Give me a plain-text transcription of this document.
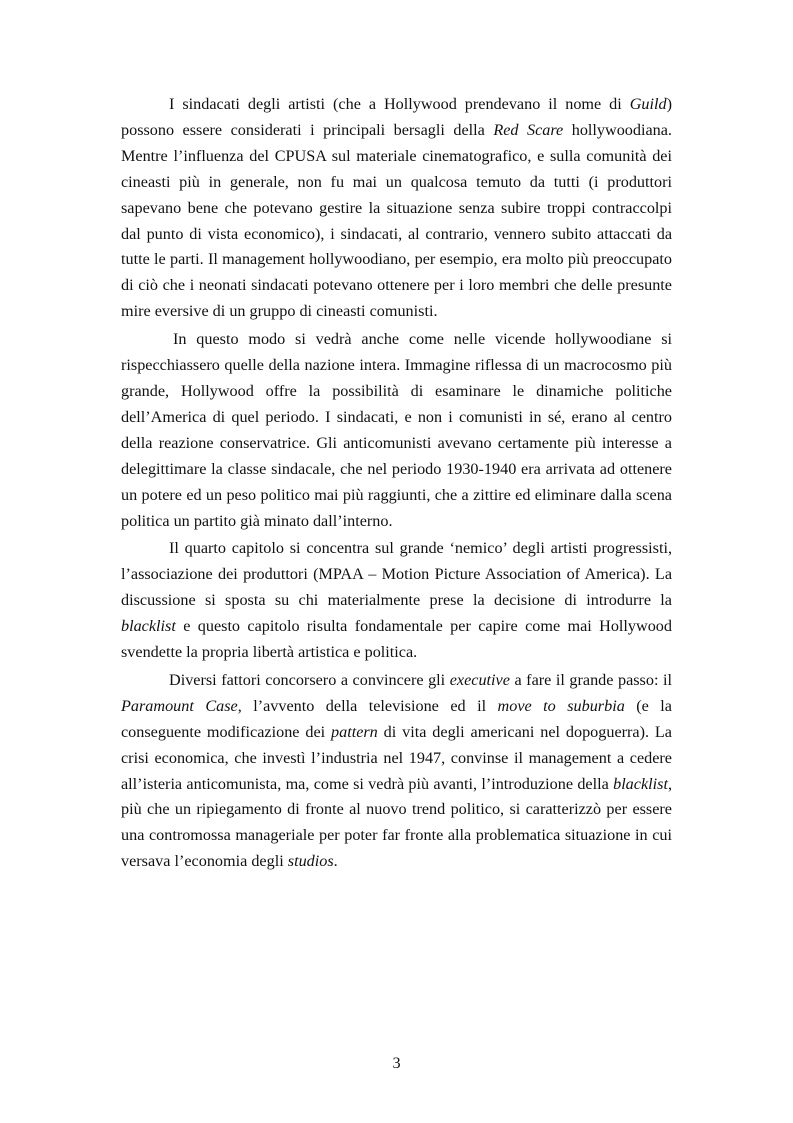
I sindacati degli artisti (che a Hollywood prendevano il nome di Guild) possono essere considerati i principali bersagli della Red Scare hollywoodiana. Mentre l’influenza del CPUSA sul materiale cinematografico, e sulla comunità dei cineasti più in generale, non fu mai un qualcosa temuto da tutti (i produttori sapevano bene che potevano gestire la situazione senza subire troppi contraccolpi dal punto di vista economico), i sindacati, al contrario, vennero subito attaccati da tutte le parti. Il management hollywoodiano, per esempio, era molto più preoccupato di ciò che i neonati sindacati potevano ottenere per i loro membri che delle presunte mire eversive di un gruppo di cineasti comunisti.

In questo modo si vedrà anche come nelle vicende hollywoodiane si rispecchiassero quelle della nazione intera. Immagine riflessa di un macrocosmo più grande, Hollywood offre la possibilità di esaminare le dinamiche politiche dell’America di quel periodo. I sindacati, e non i comunisti in sé, erano al centro della reazione conservatrice. Gli anticomunisti avevano certamente più interesse a delegittimare la classe sindacale, che nel periodo 1930-1940 era arrivata ad ottenere un potere ed un peso politico mai più raggiunti, che a zittire ed eliminare dalla scena politica un partito già minato dall’interno.

Il quarto capitolo si concentra sul grande ‘nemico’ degli artisti progressisti, l’associazione dei produttori (MPAA – Motion Picture Association of America). La discussione si sposta su chi materialmente prese la decisione di introdurre la blacklist e questo capitolo risulta fondamentale per capire come mai Hollywood svendette la propria libertà artistica e politica.

Diversi fattori concorsero a convincere gli executive a fare il grande passo: il Paramount Case, l’avvento della televisione ed il move to suburbia (e la conseguente modificazione dei pattern di vita degli americani nel dopoguerra). La crisi economica, che investì l’industria nel 1947, convinse il management a cedere all’isteria anticomunista, ma, come si vedrà più avanti, l’introduzione della blacklist, più che un ripiegamento di fronte al nuovo trend politico, si caratterizzò per essere una contromossa manageriale per poter far fronte alla problematica situazione in cui versava l’economia degli studios.

3
